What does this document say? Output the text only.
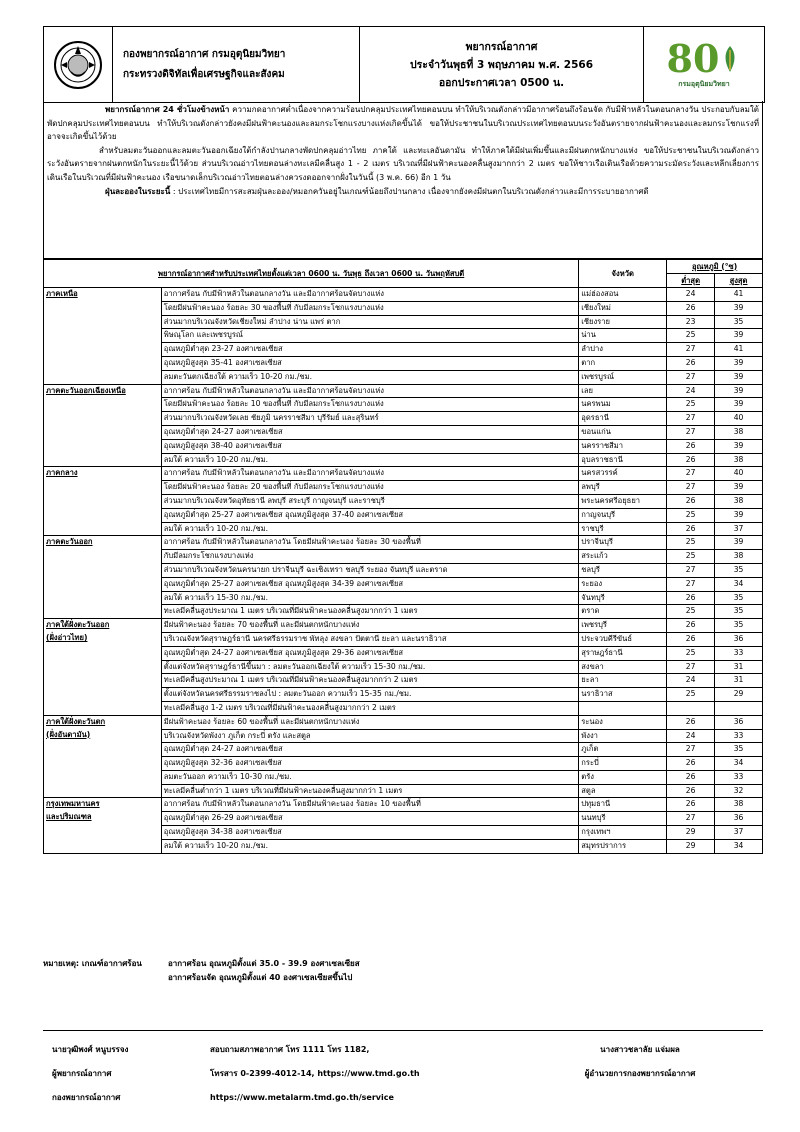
กองพยากรณ์อากาศ กรมอุตุนิยมวิทยา
กระทรวงดิจิทัลเพื่อเศรษฐกิจและสังคม
พยากรณ์อากาศ
ประจำวันพุธที่ 3 พฤษภาคม พ.ศ. 2566
ออกประกาศเวลา 0500 น.
80
กรมอุตุนิยมวิทยา

พยากรณ์อากาศ 24 ชั่วโมงข้างหน้า ความกดอากาศต่ำเนื่องจากความร้อนปกคลุมประเทศไทยตอนบน ทำให้บริเวณดังกล่าวมีอากาศร้อนถึงร้อนจัด กับมีฟ้าหลัวในตอนกลางวัน ประกอบกับลมใต้พัดปกคลุมประเทศไทยตอนบน ทำให้บริเวณดังกล่าวยังคงมีฝนฟ้าคะนองและลมกระโชกแรงบางแห่งเกิดขึ้นได้ ขอให้ประชาชนในบริเวณประเทศไทยตอนบนระวังอันตรายจากฝนฟ้าคะนองและลมกระโชกแรงที่อาจจะเกิดขึ้นไว้ด้วย

สำหรับลมตะวันออกและลมตะวันออกเฉียงใต้กำลังปานกลางพัดปกคลุมอ่าวไทย ภาคใต้ และทะเลอันดามัน ทำให้ภาคใต้มีฝนเพิ่มขึ้นและมีฝนตกหนักบางแห่ง ขอให้ประชาชนในบริเวณดังกล่าวระวังอันตรายจากฝนตกหนักในระยะนี้ไว้ด้วย ส่วนบริเวณอ่าวไทยตอนล่างทะเลมีคลื่นสูง 1 - 2 เมตร บริเวณที่มีฝนฟ้าคะนองคลื่นสูงมากกว่า 2 เมตร ขอให้ชาวเรือเดินเรือด้วยความระมัดระวังและหลีกเลี่ยงการเดินเรือในบริเวณที่มีฝนฟ้าคะนอง เรือขนาดเล็กบริเวณอ่าวไทยตอนล่างควรงดออกจากฝั่งในวันนี้ (3 พ.ค. 66) อีก 1 วัน

ฝุ่นละอองในระยะนี้ : ประเทศไทยมีการสะสมฝุ่นละออง/หมอกควันอยู่ในเกณฑ์น้อยถึงปานกลาง เนื่องจากยังคงมีฝนตกในบริเวณดังกล่าวและมีการระบายอากาศดี

พยากรณ์อากาศสำหรับประเทศไทยตั้งแต่เวลา 0600 น. วันพุธ ถึงเวลา 0600 น. วันพฤหัสบดี		จังหวัด	อุณหภูมิ (°ซ)	
			ต่ำสุด	สูงสุด

ภาคเหนือ	อากาศร้อน กับมีฟ้าหลัวในตอนกลางวัน และมีอากาศร้อนจัดบางแห่ง	แม่ฮ่องสอน	24	41
	โดยมีฝนฟ้าคะนอง ร้อยละ 30 ของพื้นที่ กับมีลมกระโชกแรงบางแห่ง	เชียงใหม่	26	39
	ส่วนมากบริเวณจังหวัดเชียงใหม่ ลำปาง น่าน แพร่ ตาก	เชียงราย	23	35
	พิษณุโลก และเพชรบูรณ์	น่าน	25	39
	อุณหภูมิต่ำสุด 23-27 องศาเซลเซียส	ลำปาง	27	41
	อุณหภูมิสูงสุด 35-41 องศาเซลเซียส	ตาก	26	39
	ลมตะวันตกเฉียงใต้ ความเร็ว 10-20 กม./ชม.	เพชรบูรณ์	27	39

ภาคตะวันออกเฉียงเหนือ	อากาศร้อน กับมีฟ้าหลัวในตอนกลางวัน และมีอากาศร้อนจัดบางแห่ง	เลย	24	39
	โดยมีฝนฟ้าคะนอง ร้อยละ 10 ของพื้นที่ กับมีลมกระโชกแรงบางแห่ง	นครพนม	25	39
	ส่วนมากบริเวณจังหวัดเลย ชัยภูมิ นครราชสีมา บุรีรัมย์ และสุรินทร์	อุดรธานี	27	40
	อุณหภูมิต่ำสุด 24-27 องศาเซลเซียส	ขอนแก่น	27	38
	อุณหภูมิสูงสุด 38-40 องศาเซลเซียส	นครราชสีมา	26	39
	ลมใต้ ความเร็ว 10-20 กม./ชม.	อุบลราชธานี	26	38

ภาคกลาง	อากาศร้อน กับมีฟ้าหลัวในตอนกลางวัน และมีอากาศร้อนจัดบางแห่ง	นครสวรรค์	27	40
	โดยมีฝนฟ้าคะนอง ร้อยละ 20 ของพื้นที่ กับมีลมกระโชกแรงบางแห่ง	ลพบุรี	27	39
	ส่วนมากบริเวณจังหวัดอุทัยธานี ลพบุรี สระบุรี กาญจนบุรี และราชบุรี	พระนครศรีอยุธยา	26	38
	อุณหภูมิต่ำสุด 25-27 องศาเซลเซียส อุณหภูมิสูงสุด 37-40 องศาเซลเซียส	กาญจนบุรี	25	39
	ลมใต้ ความเร็ว 10-20 กม./ชม.	ราชบุรี	26	37

ภาคตะวันออก	อากาศร้อน กับมีฟ้าหลัวในตอนกลางวัน โดยมีฝนฟ้าคะนอง ร้อยละ 30 ของพื้นที่	ปราจีนบุรี	25	39
	กับมีลมกระโชกแรงบางแห่ง	สระแก้ว	25	38
	ส่วนมากบริเวณจังหวัดนครนายก ปราจีนบุรี ฉะเชิงเทรา ชลบุรี ระยอง จันทบุรี และตราด	ชลบุรี	27	35
	อุณหภูมิต่ำสุด 25-27 องศาเซลเซียส อุณหภูมิสูงสุด 34-39 องศาเซลเซียส	ระยอง	27	34
	ลมใต้ ความเร็ว 15-30 กม./ชม.	จันทบุรี	26	35
	ทะเลมีคลื่นสูงประมาณ 1 เมตร บริเวณที่มีฝนฟ้าคะนองคลื่นสูงมากกว่า 1 เมตร	ตราด	25	35

ภาคใต้ฝั่งตะวันออก
(ฝั่งอ่าวไทย)	มีฝนฟ้าคะนอง ร้อยละ 70 ของพื้นที่ และมีฝนตกหนักบางแห่ง	เพชรบุรี	26	35
	บริเวณจังหวัดสุราษฎร์ธานี นครศรีธรรมราช พัทลุง สงขลา ปัตตานี ยะลา และนราธิวาส	ประจวบคีรีขันธ์	26	36
	อุณหภูมิต่ำสุด 24-27 องศาเซลเซียส อุณหภูมิสูงสุด 29-36 องศาเซลเซียส	สุราษฎร์ธานี	25	33
	ตั้งแต่จังหวัดสุราษฎร์ธานีขึ้นมา : ลมตะวันออกเฉียงใต้ ความเร็ว 15-30 กม./ชม.	สงขลา	27	31
	ทะเลมีคลื่นสูงประมาณ 1 เมตร บริเวณที่มีฝนฟ้าคะนองคลื่นสูงมากกว่า 2 เมตร	ยะลา	24	31
	ตั้งแต่จังหวัดนครศรีธรรมราชลงไป : ลมตะวันออก ความเร็ว 15-35 กม./ชม.	นราธิวาส	25	29
	ทะเลมีคลื่นสูง 1-2 เมตร บริเวณที่มีฝนฟ้าคะนองคลื่นสูงมากกว่า 2 เมตร			

ภาคใต้ฝั่งตะวันตก
(ฝั่งอันดามัน)	มีฝนฟ้าคะนอง ร้อยละ 60 ของพื้นที่ และมีฝนตกหนักบางแห่ง	ระนอง	26	36
	บริเวณจังหวัดพังงา ภูเก็ต กระบี่ ตรัง และสตูล	พังงา	24	33
	อุณหภูมิต่ำสุด 24-27 องศาเซลเซียส	ภูเก็ต	27	35
	อุณหภูมิสูงสุด 32-36 องศาเซลเซียส	กระบี่	26	34
	ลมตะวันออก ความเร็ว 10-30 กม./ชม.	ตรัง	26	33
	ทะเลมีคลื่นต่ำกว่า 1 เมตร บริเวณที่มีฝนฟ้าคะนองคลื่นสูงมากกว่า 1 เมตร	สตูล	26	32

กรุงเทพมหานคร
และปริมณฑล	อากาศร้อน กับมีฟ้าหลัวในตอนกลางวัน โดยมีฝนฟ้าคะนอง ร้อยละ 10 ของพื้นที่	ปทุมธานี	26	38
	อุณหภูมิต่ำสุด 26-29 องศาเซลเซียส	นนทบุรี	27	36
	อุณหภูมิสูงสุด 34-38 องศาเซลเซียส	กรุงเทพฯ	29	37
	ลมใต้ ความเร็ว 10-20 กม./ชม.	สมุทรปราการ	29	34
หมายเหตุ: เกณฑ์อากาศร้อน	อากาศร้อน อุณหภูมิตั้งแต่ 35.0 - 39.9 องศาเซลเซียส
อากาศร้อนจัด อุณหภูมิตั้งแต่ 40 องศาเซลเซียสขึ้นไป
นายวุฒิพงศ์ หนูบรรจง
ผู้พยากรณ์อากาศ
กองพยากรณ์อากาศ
สอบถามสภาพอากาศ โทร 1111 โทร 1182,
โทรสาร 0-2399-4012-14, https://www.tmd.go.th
https://www.metalarm.tmd.go.th/service
นางสาวชลาลัย แจ่มผล
ผู้อำนวยการกองพยากรณ์อากาศ
